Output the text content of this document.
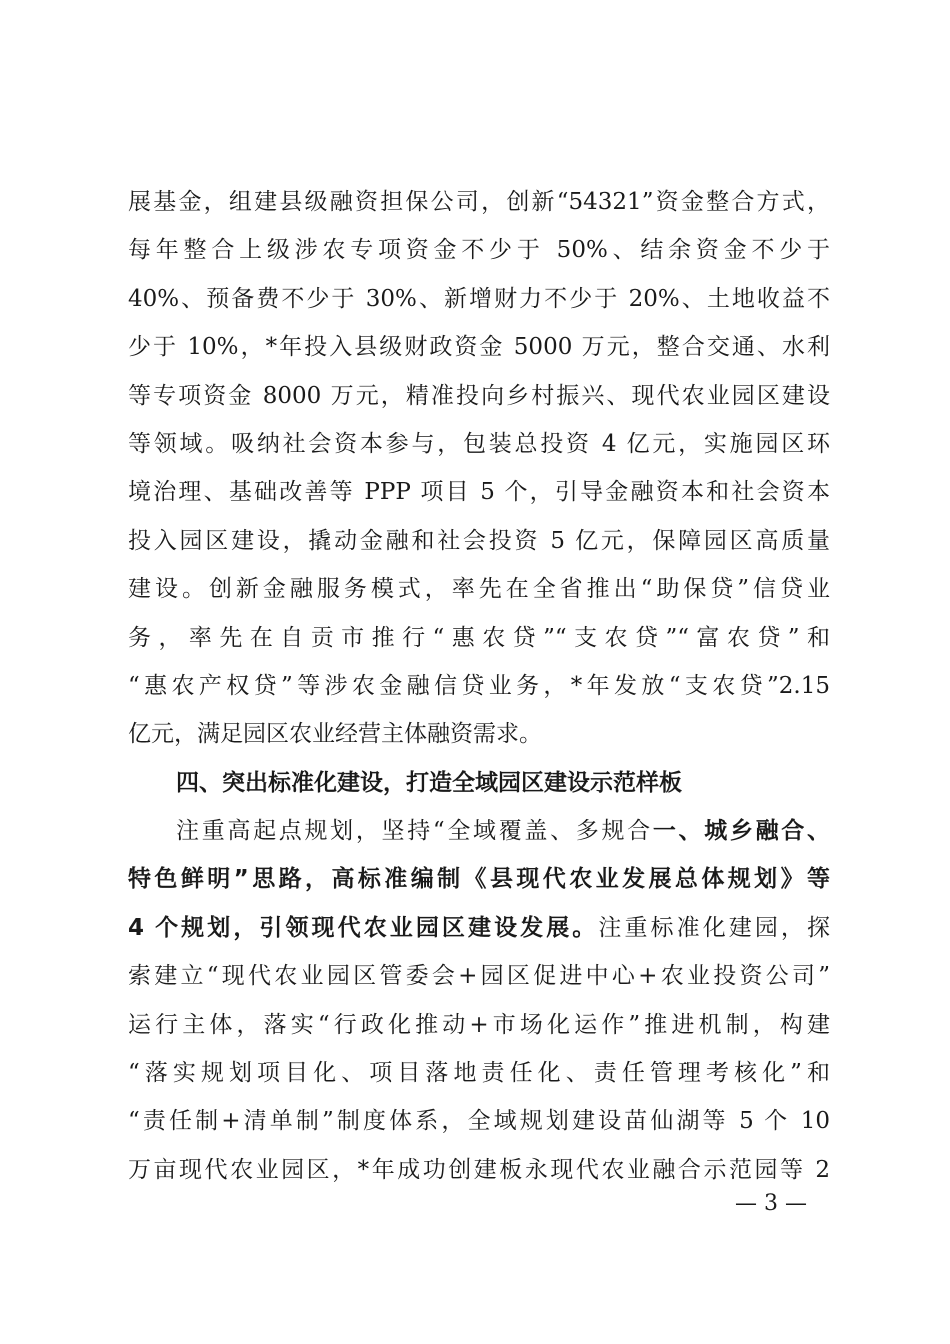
展基金，组建县级融资担保公司，创新“54321”资金整合方式，
每年整合上级涉农专项资金不少于 50%、结余资金不少于
40%、预备费不少于 30%、新增财力不少于 20%、土地收益不
少于 10%，*年投入县级财政资金 5000 万元，整合交通、水利
等专项资金 8000 万元，精准投向乡村振兴、现代农业园区建设
等领域。吸纳社会资本参与，包装总投资 4 亿元，实施园区环
境治理、基础改善等 PPP 项目 5 个，引导金融资本和社会资本
投入园区建设，撬动金融和社会投资 5 亿元，保障园区高质量
建设。创新金融服务模式，率先在全省推出“助保贷”信贷业
务，率先在自贡市推行“惠农贷”“支农贷”“富农贷”和
“惠农产权贷”等涉农金融信贷业务，*年发放“支农贷”2.15
亿元，满足园区农业经营主体融资需求。
四、突出标准化建设，打造全域园区建设示范样板
注重高起点规划，坚持“全域覆盖、多规合一、城乡融合、
特色鲜明”思路，高标准编制《县现代农业发展总体规划》等
4 个规划，引领现代农业园区建设发展。注重标准化建园，探
索建立“现代农业园区管委会+园区促进中心+农业投资公司”
运行主体，落实“行政化推动+市场化运作”推进机制，构建
“落实规划项目化、项目落地责任化、责任管理考核化”和
“责任制+清单制”制度体系，全域规划建设苗仙湖等 5 个 10
万亩现代农业园区，*年成功创建板永现代农业融合示范园等 2
— 3 —
